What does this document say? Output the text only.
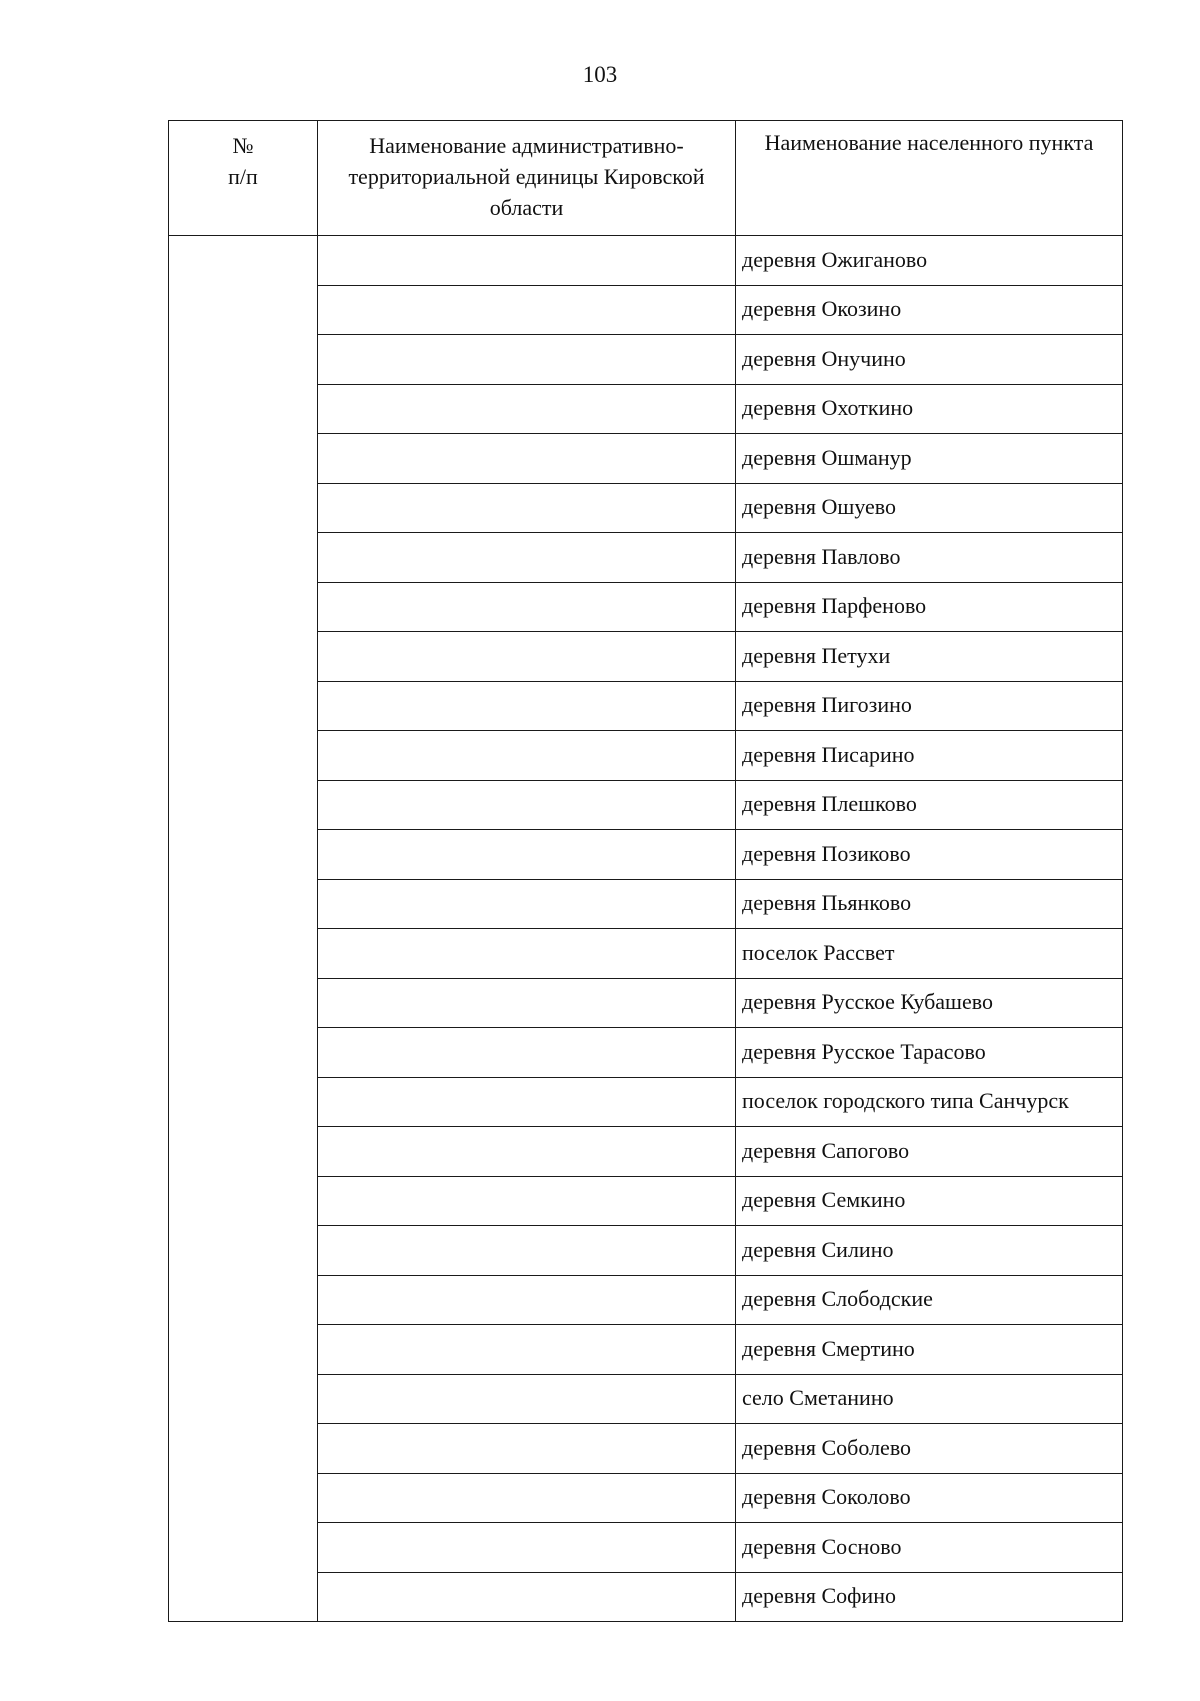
103
№
п/п	Наименование административно-территориальной единицы Кировской области	Наименование населенного пункта
		деревня Ожиганово
		деревня Окозино
		деревня Онучино
		деревня Охоткино
		деревня Ошманур
		деревня Ошуево
		деревня Павлово
		деревня Парфеново
		деревня Петухи
		деревня Пигозино
		деревня Писарино
		деревня Плешково
		деревня Позиково
		деревня Пьянково
		поселок Рассвет
		деревня Русское Кубашево
		деревня Русское Тарасово
		поселок городского типа Санчурск
		деревня Сапогово
		деревня Семкино
		деревня Силино
		деревня Слободские
		деревня Смертино
		село Сметанино
		деревня Соболево
		деревня Соколово
		деревня Сосново
		деревня Софино
